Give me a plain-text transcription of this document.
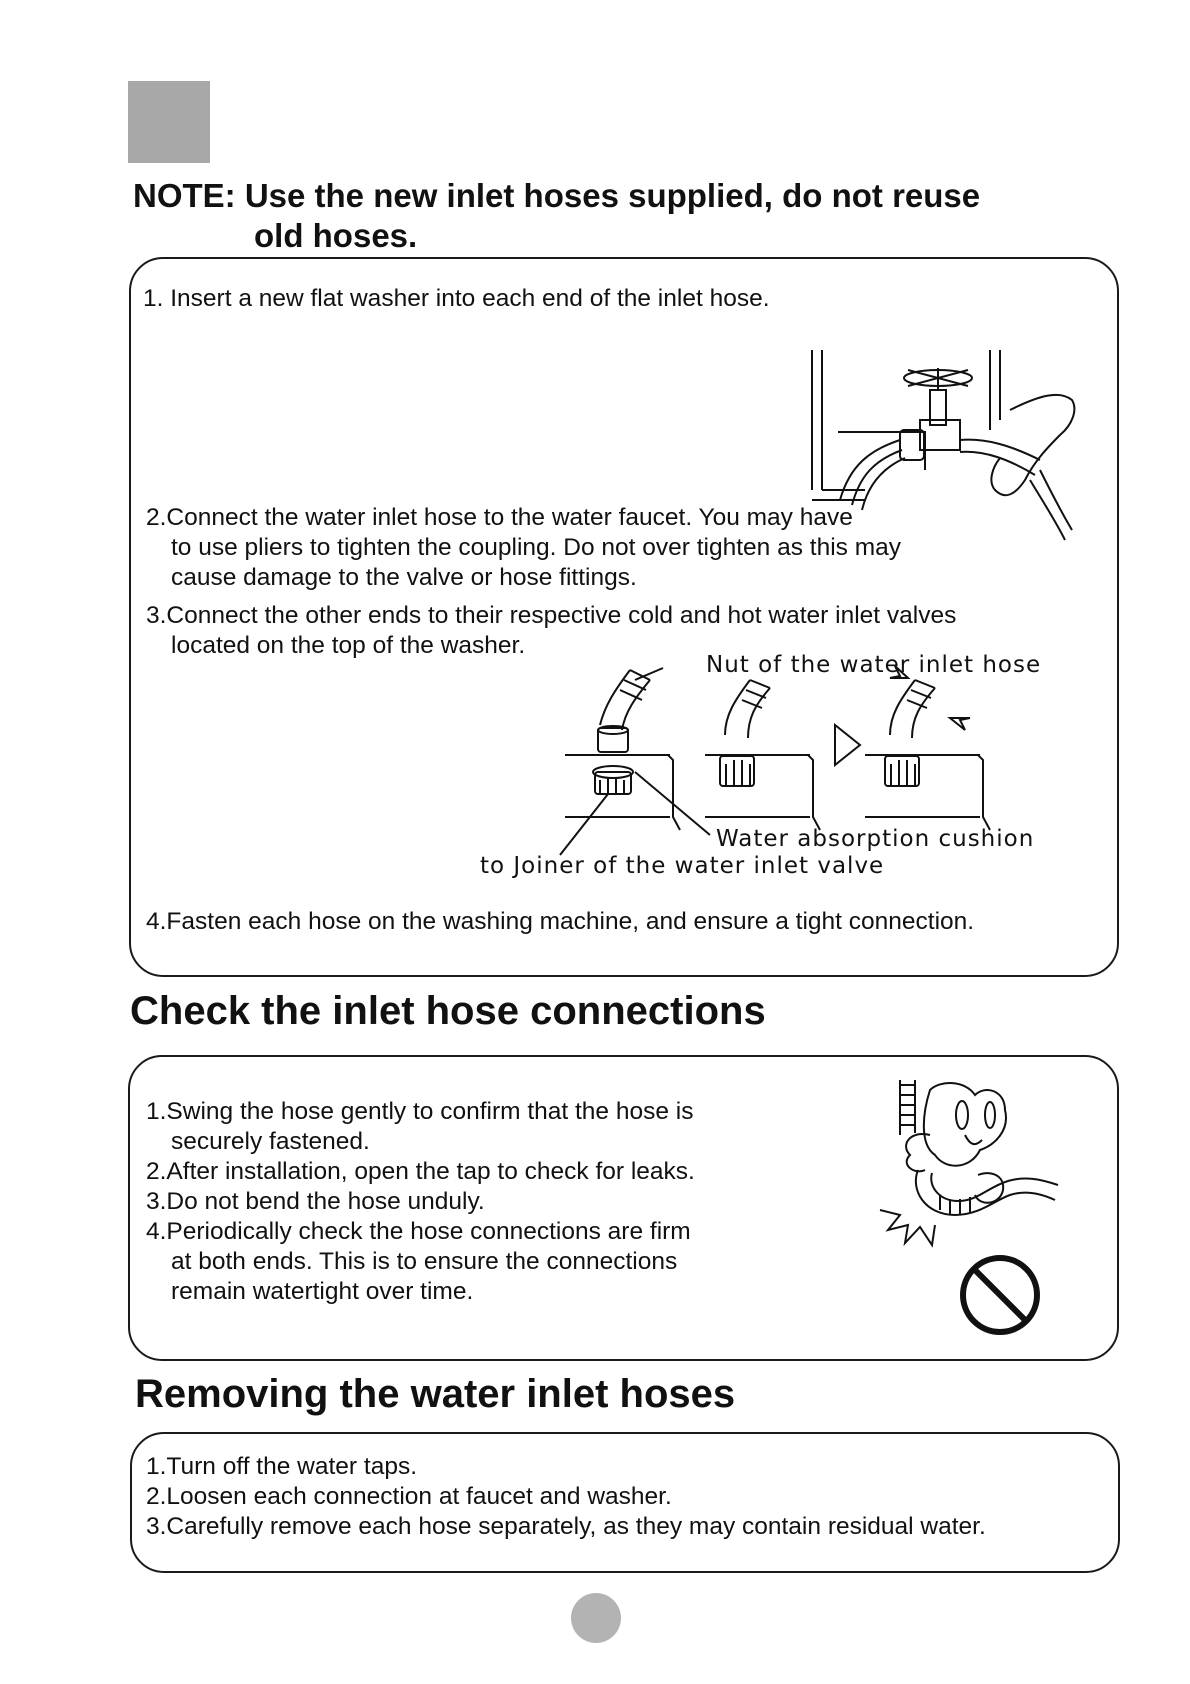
NOTE: Use the new inlet hoses supplied, do not reuse
old hoses.
1. Insert a new flat washer into each end of the inlet hose.
2.Connect the water inlet hose to the water faucet. You may have
to use pliers to tighten the coupling. Do not over tighten as this may
cause damage to the valve or hose fittings.
3.Connect the other ends to their respective cold and hot water inlet valves
located on the top of the washer.
4.Fasten each hose on the washing machine, and ensure a tight connection.
Nut of the water inlet hose
Water absorption cushion
to Joiner of the water inlet valve
Check the inlet hose connections
1.Swing the hose gently to confirm that the hose is
securely fastened.
2.After installation, open the tap to check for leaks.
3.Do not bend the hose unduly.
4.Periodically check the hose connections are firm
at both ends. This is to ensure the connections
remain watertight over time.
Removing the water inlet hoses
1.Turn off the water taps.
2.Loosen each connection at faucet and washer.
3.Carefully remove each hose separately, as they may contain residual water.
